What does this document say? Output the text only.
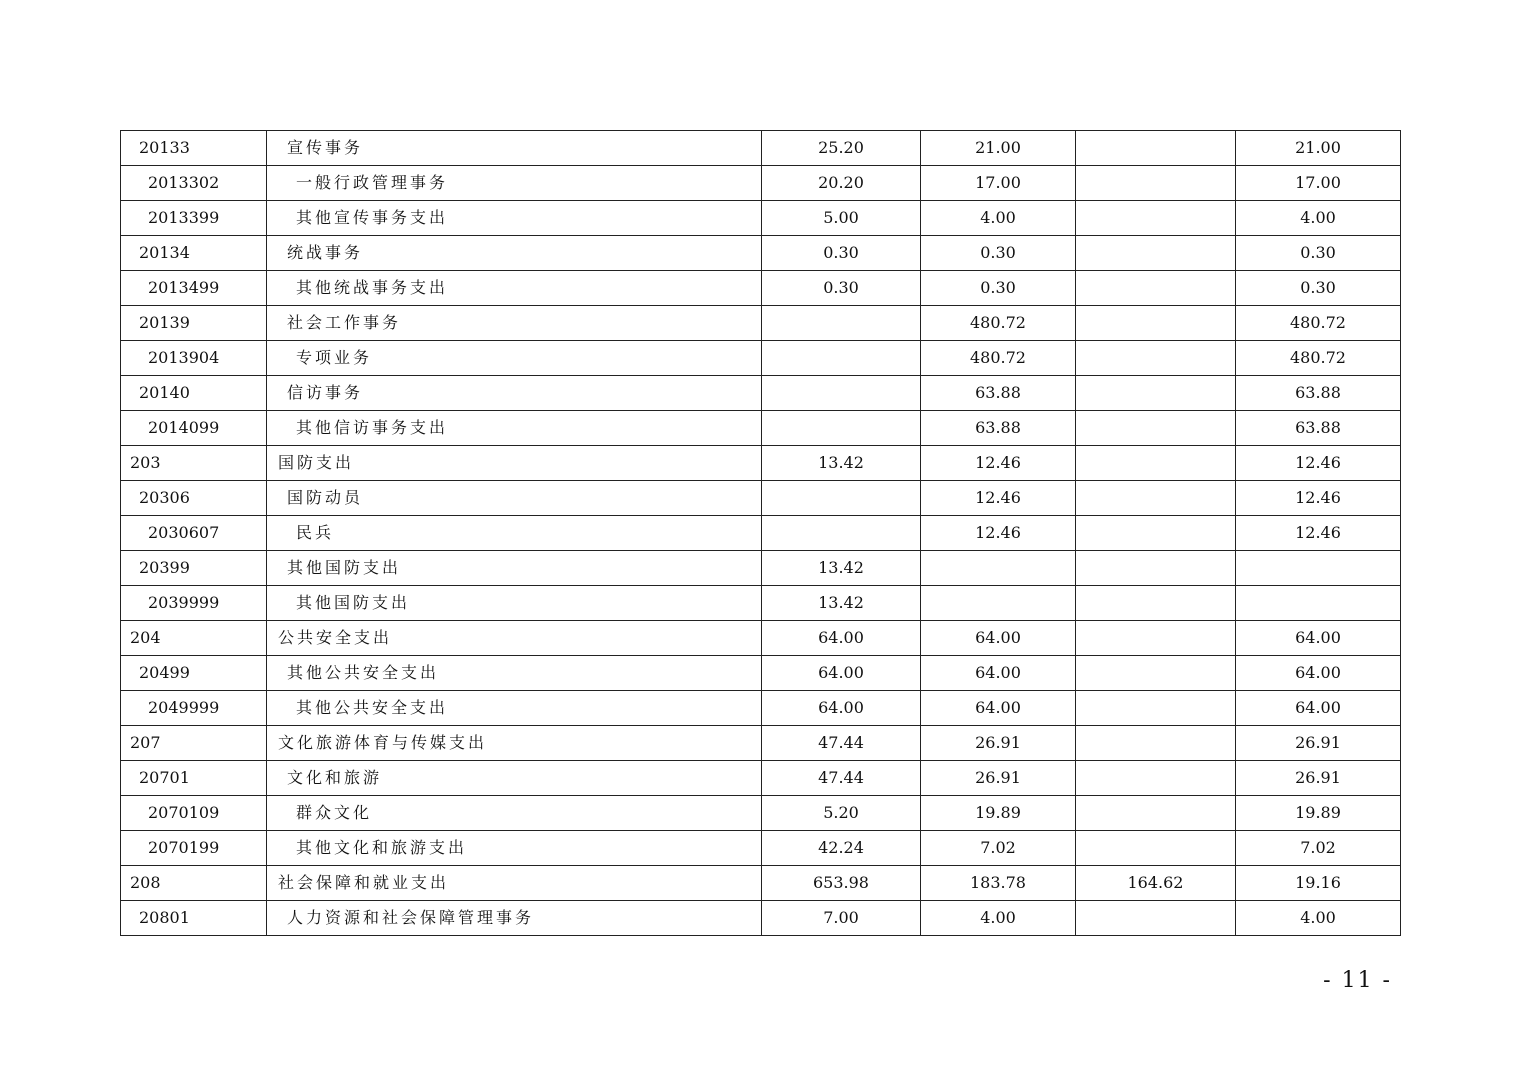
20133	宣传事务	25.20	21.00		21.00
2013302	一般行政管理事务	20.20	17.00		17.00
2013399	其他宣传事务支出	5.00	4.00		4.00
20134	统战事务	0.30	0.30		0.30
2013499	其他统战事务支出	0.30	0.30		0.30
20139	社会工作事务		480.72		480.72
2013904	专项业务		480.72		480.72
20140	信访事务		63.88		63.88
2014099	其他信访事务支出		63.88		63.88
203	国防支出	13.42	12.46		12.46
20306	国防动员		12.46		12.46
2030607	民兵		12.46		12.46
20399	其他国防支出	13.42			
2039999	其他国防支出	13.42			
204	公共安全支出	64.00	64.00		64.00
20499	其他公共安全支出	64.00	64.00		64.00
2049999	其他公共安全支出	64.00	64.00		64.00
207	文化旅游体育与传媒支出	47.44	26.91		26.91
20701	文化和旅游	47.44	26.91		26.91
2070109	群众文化	5.20	19.89		19.89
2070199	其他文化和旅游支出	42.24	7.02		7.02
208	社会保障和就业支出	653.98	183.78	164.62	19.16
20801	人力资源和社会保障管理事务	7.00	4.00		4.00
- 11 -
